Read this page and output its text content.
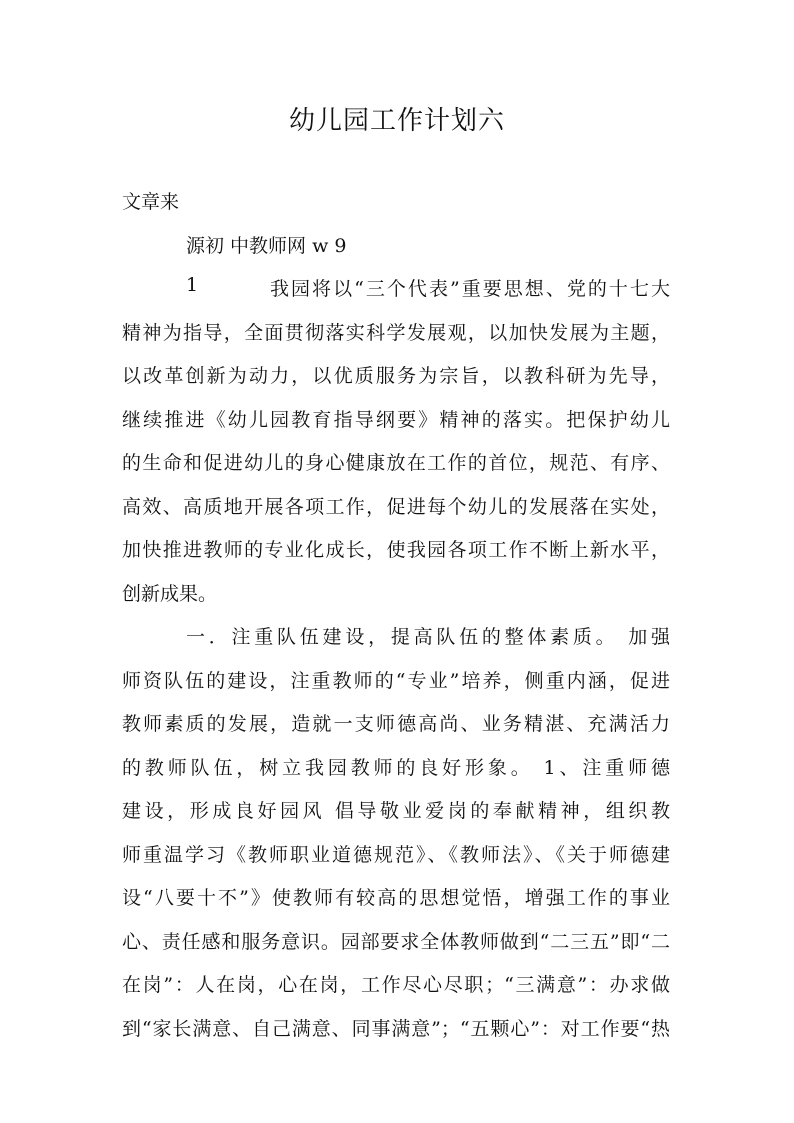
幼儿园工作计划六
文章来
源初 中教师网 w 9
1	我园将以“三个代表”重要思想、党的十七大
精神为指导，全面贯彻落实科学发展观，以加快发展为主题，
以改革创新为动力，以优质服务为宗旨，以教科研为先导，
继续推进《幼儿园教育指导纲要》精神的落实。把保护幼儿
的生命和促进幼儿的身心健康放在工作的首位，规范、有序、
高效、高质地开展各项工作，促进每个幼儿的发展落在实处，
加快推进教师的专业化成长，使我园各项工作不断上新水平，
创新成果。
一．注重队伍建设，提高队伍的整体素质。 加强
师资队伍的建设，注重教师的“专业”培养，侧重内涵，促进
教师素质的发展，造就一支师德高尚、业务精湛、充满活力
的教师队伍，树立我园教师的良好形象。 1、注重师德
建设，形成良好园风 倡导敬业爱岗的奉献精神，组织教
师重温学习《教师职业道德规范》、《教师法》、《关于师德建
设“八要十不”》使教师有较高的思想觉悟，增强工作的事业
心、责任感和服务意识。园部要求全体教师做到“二三五”即“二
在岗”：人在岗，心在岗，工作尽心尽职；“三满意”：办求做
到“家长满意、自己满意、同事满意”；“五颗心”：对工作要“热
